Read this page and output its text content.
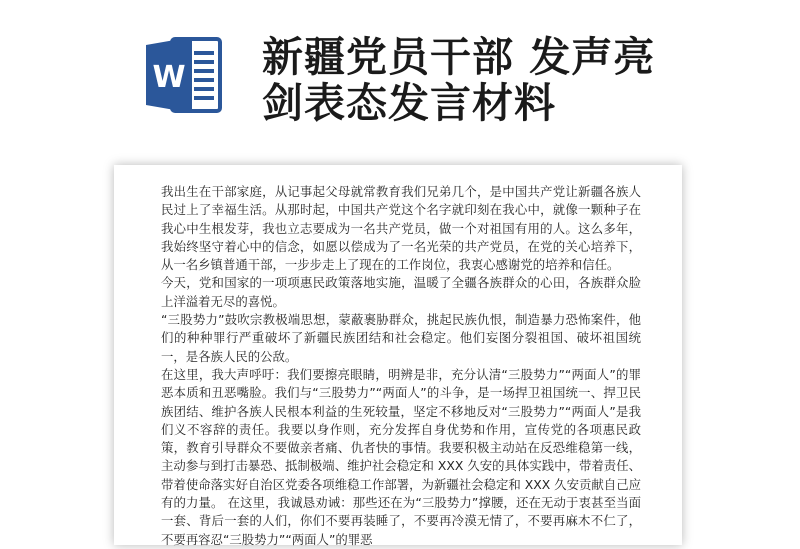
W 新疆党员干部 发声亮剑表态发言材料

我出生在干部家庭，从记事起父母就常教育我们兄弟几个，是中国共产党让新疆各族人民过上了幸福生活。从那时起，中国共产党这个名字就印刻在我心中，就像一颗种子在我心中生根发芽，我也立志要成为一名共产党员，做一个对祖国有用的人。这么多年，我始终坚守着心中的信念，如愿以偿成为了一名光荣的共产党员，在党的关心培养下，从一名乡镇普通干部，一步步走上了现在的工作岗位，我衷心感谢党的培养和信任。

今天，党和国家的一项项惠民政策落地实施，温暖了全疆各族群众的心田，各族群众脸上洋溢着无尽的喜悦。

“三股势力”鼓吹宗教极端思想，蒙蔽裹胁群众，挑起民族仇恨，制造暴力恐怖案件，他们的种种罪行严重破坏了新疆民族团结和社会稳定。他们妄图分裂祖国、破坏祖国统一，是各族人民的公敌。

在这里，我大声呼吁：我们要擦亮眼睛，明辨是非，充分认清“三股势力”“两面人”的罪恶本质和丑恶嘴脸。我们与“三股势力”“两面人”的斗争，是一场捍卫祖国统一、捍卫民族团结、维护各族人民根本利益的生死较量，坚定不移地反对“三股势力”“两面人”是我们义不容辞的责任。我要以身作则，充分发挥自身优势和作用，宣传党的各项惠民政策，教育引导群众不要做亲者痛、仇者快的事情。我要积极主动站在反恐维稳第一线，主动参与到打击暴恐、抵制极端、维护社会稳定和 XXX 久安的具体实践中，带着责任、带着使命落实好自治区党委各项维稳工作部署，为新疆社会稳定和 XXX 久安贡献自己应有的力量。 在这里，我诚恳劝诫：那些还在为“三股势力”撑腰，还在无动于衷甚至当面一套、背后一套的人们，你们不要再装睡了，不要再冷漠无情了，不要再麻木不仁了，不要再容忍“三股势力”“两面人”的罪恶
